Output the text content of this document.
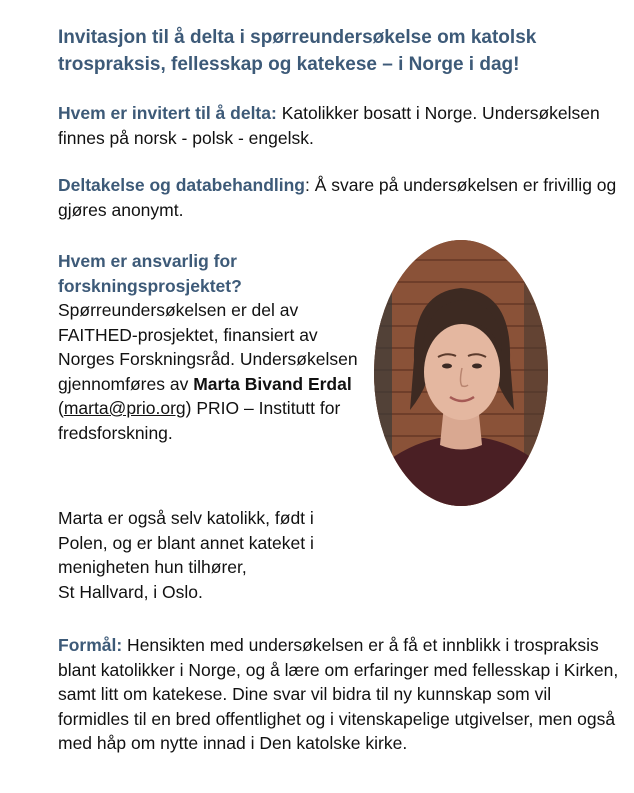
Invitasjon til å delta i spørreundersøkelse om katolsk trospraksis, fellesskap og katekese – i Norge i dag!

Hvem er invitert til å delta: Katolikker bosatt i Norge. Undersøkelsen finnes på norsk - polsk - engelsk.

Deltakelse og databehandling: Å svare på undersøkelsen er frivillig og gjøres anonymt.

Hvem er ansvarlig for forskningsprosjektet?

Spørreundersøkelsen er del av FAITHED-prosjektet, finansiert av Norges Forskningsråd. Undersøkelsen gjennomføres av Marta Bivand Erdal
(marta@prio.org) PRIO – Institutt for fredsforskning.

Marta er også selv katolikk, født i
Polen, og er blant annet kateket i
menigheten hun tilhører,
St Hallvard, i Oslo.

Formål: Hensikten med undersøkelsen er å få et innblikk i trospraksis blant katolikker i Norge, og å lære om erfaringer med fellesskap i Kirken, samt litt om katekese. Dine svar vil bidra til ny kunnskap som vil formidles til en bred offentlighet og i vitenskapelige utgivelser, men også med håp om nytte innad i Den katolske kirke.
